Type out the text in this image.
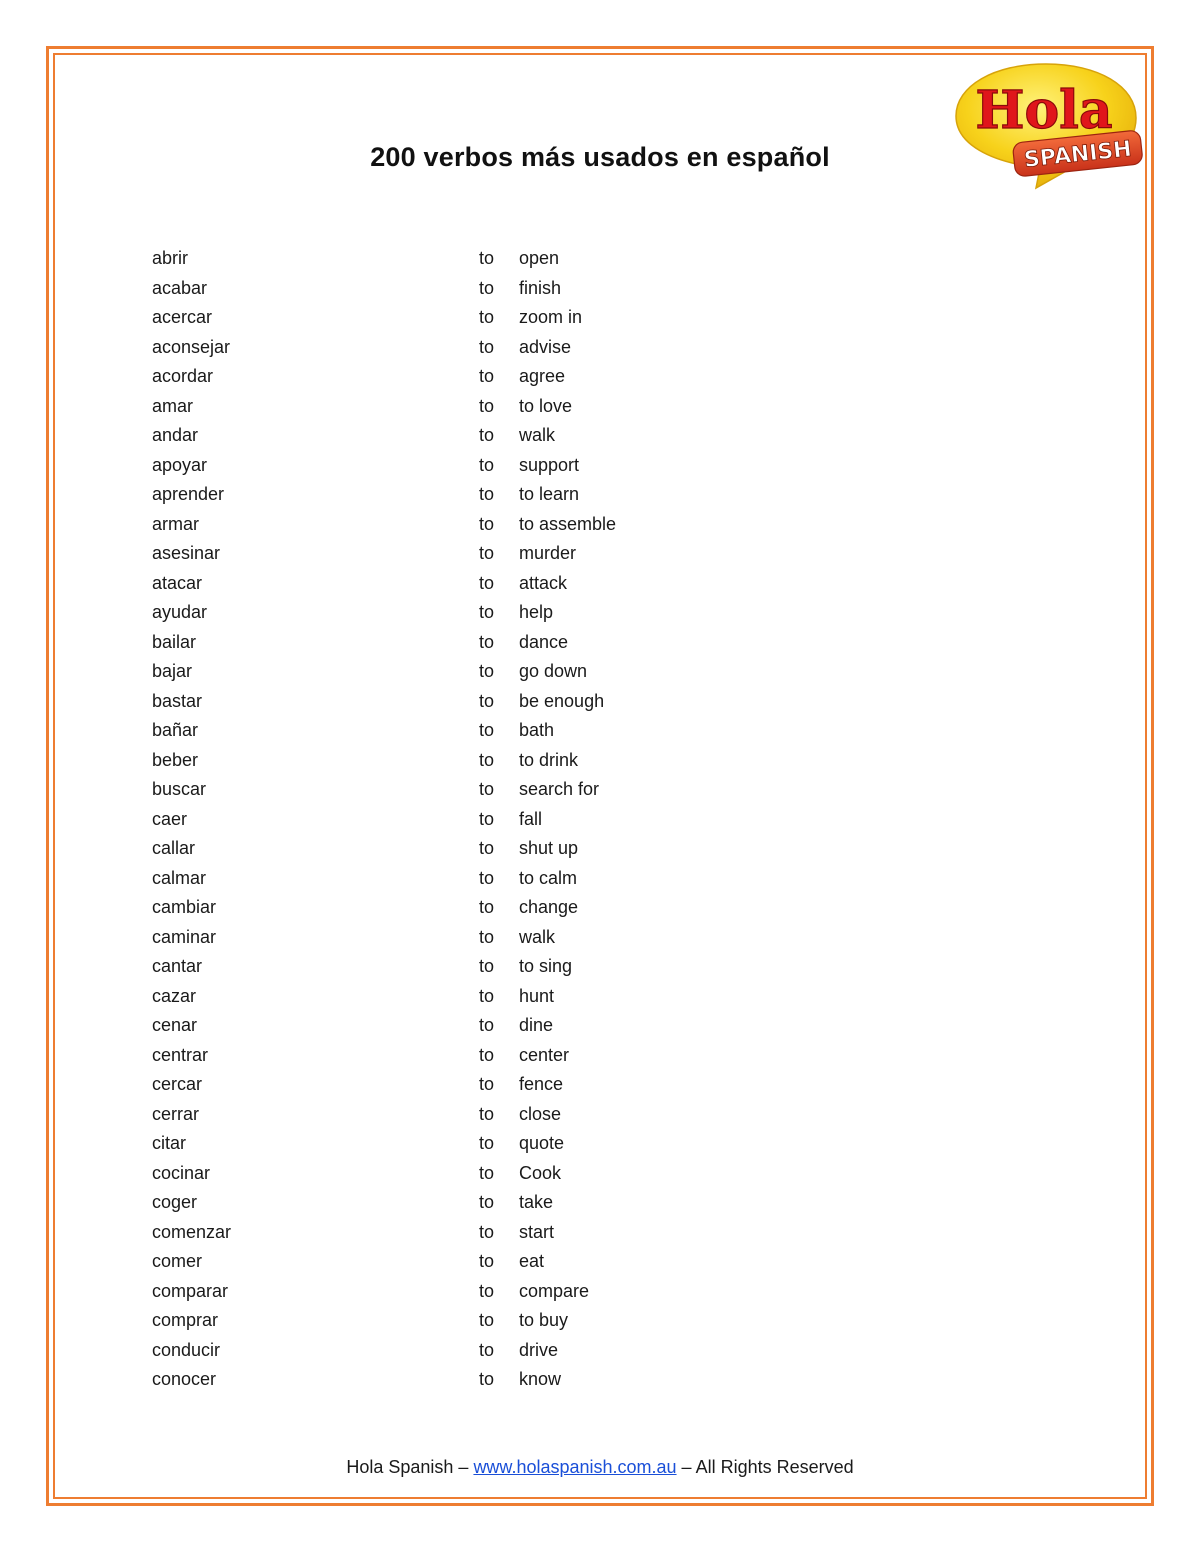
Hola
SPANISH
200 verbos más usados en español
abrir	to open
acabar	to finish
acercar	to zoom in
aconsejar	to advise
acordar	to agree
amar	to to love
andar	to walk
apoyar	to support
aprender	to to learn
armar	to to assemble
asesinar	to murder
atacar	to attack
ayudar	to help
bailar	to dance
bajar	to go down
bastar	to be enough
bañar	to bath
beber	to to drink
buscar	to search for
caer	to fall
callar	to shut up
calmar	to to calm
cambiar	to change
caminar	to walk
cantar	to to sing
cazar	to hunt
cenar	to dine
centrar	to center
cercar	to fence
cerrar	to close
citar	to quote
cocinar	to Cook
coger	to take
comenzar	to start
comer	to eat
comparar	to compare
comprar	to to buy
conducir	to drive
conocer	to know
Hola Spanish – www.holaspanish.com.au – All Rights Reserved
